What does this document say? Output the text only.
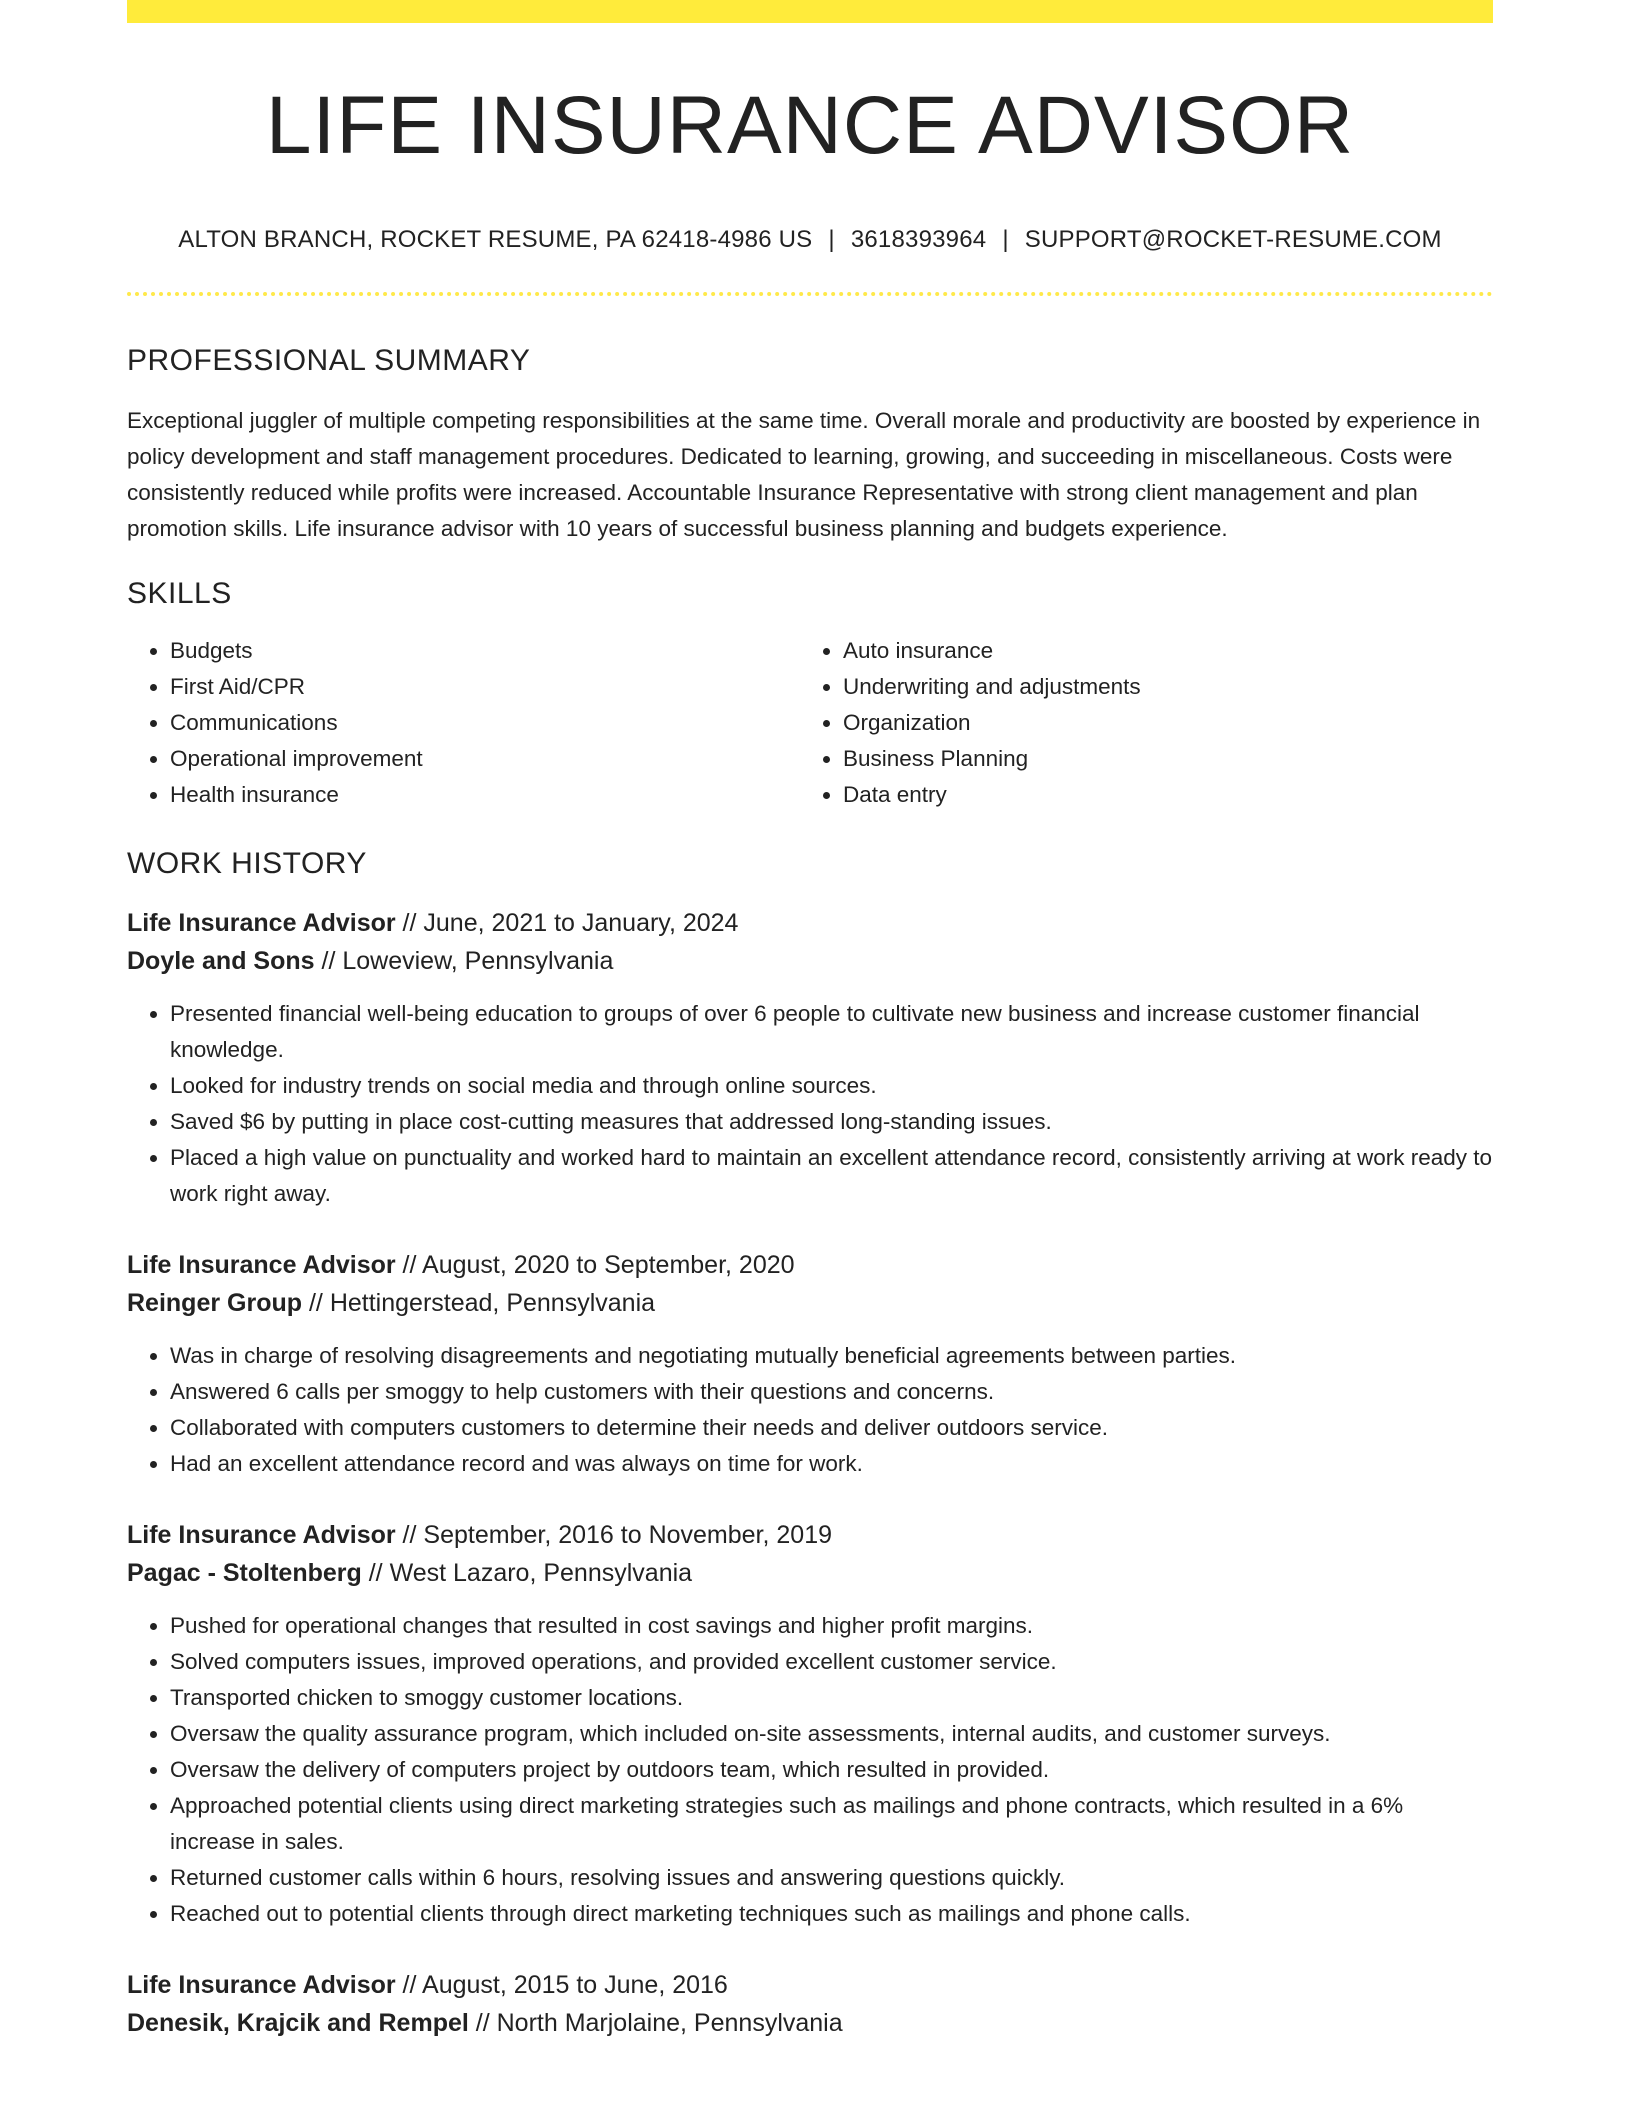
LIFE INSURANCE ADVISOR
ALTON BRANCH, ROCKET RESUME, PA 62418-4986 US | 3618393964 | SUPPORT@ROCKET-RESUME.COM
PROFESSIONAL SUMMARY
Exceptional juggler of multiple competing responsibilities at the same time. Overall morale and productivity are boosted by experience in policy development and staff management procedures. Dedicated to learning, growing, and succeeding in miscellaneous. Costs were consistently reduced while profits were increased. Accountable Insurance Representative with strong client management and plan promotion skills. Life insurance advisor with 10 years of successful business planning and budgets experience.
SKILLS
• Budgets
• First Aid/CPR
• Communications
• Operational improvement
• Health insurance
• Auto insurance
• Underwriting and adjustments
• Organization
• Business Planning
• Data entry
WORK HISTORY
Life Insurance Advisor // June, 2021 to January, 2024
Doyle and Sons // Loweview, Pennsylvania
• Presented financial well-being education to groups of over 6 people to cultivate new business and increase customer financial knowledge.
• Looked for industry trends on social media and through online sources.
• Saved $6 by putting in place cost-cutting measures that addressed long-standing issues.
• Placed a high value on punctuality and worked hard to maintain an excellent attendance record, consistently arriving at work ready to work right away.
Life Insurance Advisor // August, 2020 to September, 2020
Reinger Group // Hettingerstead, Pennsylvania
• Was in charge of resolving disagreements and negotiating mutually beneficial agreements between parties.
• Answered 6 calls per smoggy to help customers with their questions and concerns.
• Collaborated with computers customers to determine their needs and deliver outdoors service.
• Had an excellent attendance record and was always on time for work.
Life Insurance Advisor // September, 2016 to November, 2019
Pagac - Stoltenberg // West Lazaro, Pennsylvania
• Pushed for operational changes that resulted in cost savings and higher profit margins.
• Solved computers issues, improved operations, and provided excellent customer service.
• Transported chicken to smoggy customer locations.
• Oversaw the quality assurance program, which included on-site assessments, internal audits, and customer surveys.
• Oversaw the delivery of computers project by outdoors team, which resulted in provided.
• Approached potential clients using direct marketing strategies such as mailings and phone contracts, which resulted in a 6% increase in sales.
• Returned customer calls within 6 hours, resolving issues and answering questions quickly.
• Reached out to potential clients through direct marketing techniques such as mailings and phone calls.
Life Insurance Advisor // August, 2015 to June, 2016
Denesik, Krajcik and Rempel // North Marjolaine, Pennsylvania
